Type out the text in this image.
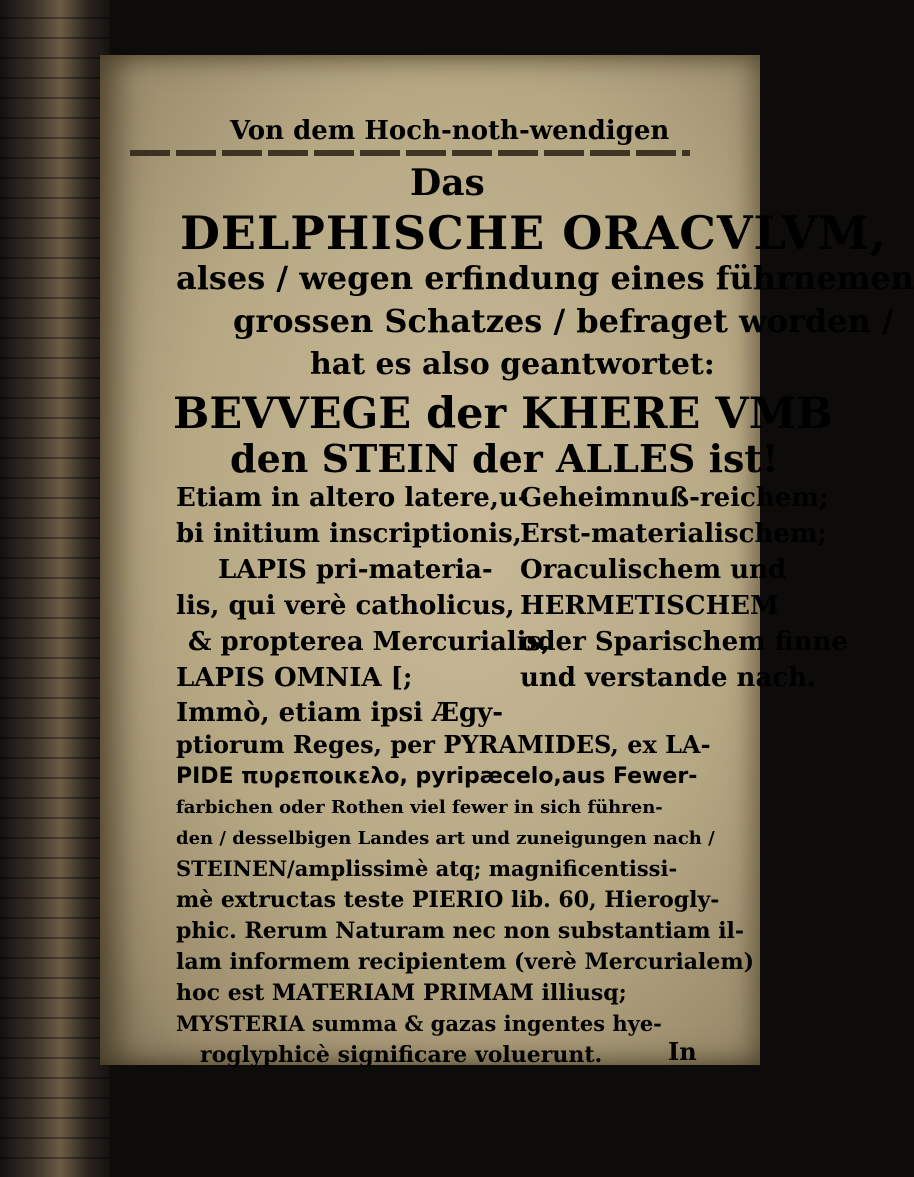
Von dem Hoch-noth-wendigen
Das
DELPHISCHE ORACVLVM,
alses / wegen erfindung eines führnemen
grossen Schatzes / befraget worden /
hat es also geantwortet:
BEVVEGE der KHERE VMB
den STEIN der ALLES ist!
Etiam in altero latere,u-
bi initium inscriptionis,
LAPIS pri-materia-
lis, qui verè catholicus,
& propterea Mercurialis,
LAPIS OMNIA [;
Geheimnuß-reichem;
Erst-materialischem;
Oraculischem und
HERMETISCHEM
oder Sparischem finne
und verstande nach.
Immò, etiam ipsi Ægy-
ptiorum Reges, per PYRAMIDES, ex LA-
PIDE πυρεποικελο, pyripæcelo,aus Fewer-
farbichen oder Rothen viel fewer in sich führen-
den / desselbigen Landes art und zuneigungen nach /
STEINEN/amplissimè atq; magnificentissi-
mè extructas teste PIERIO lib. 60, Hierogly-
phic. Rerum Naturam nec non substantiam il-
lam informem recipientem (verè Mercurialem)
hoc est MATERIAM PRIMAM illiusq;
MYSTERIA summa & gazas ingentes hye-
roglyphicè significare voluerunt.	In
